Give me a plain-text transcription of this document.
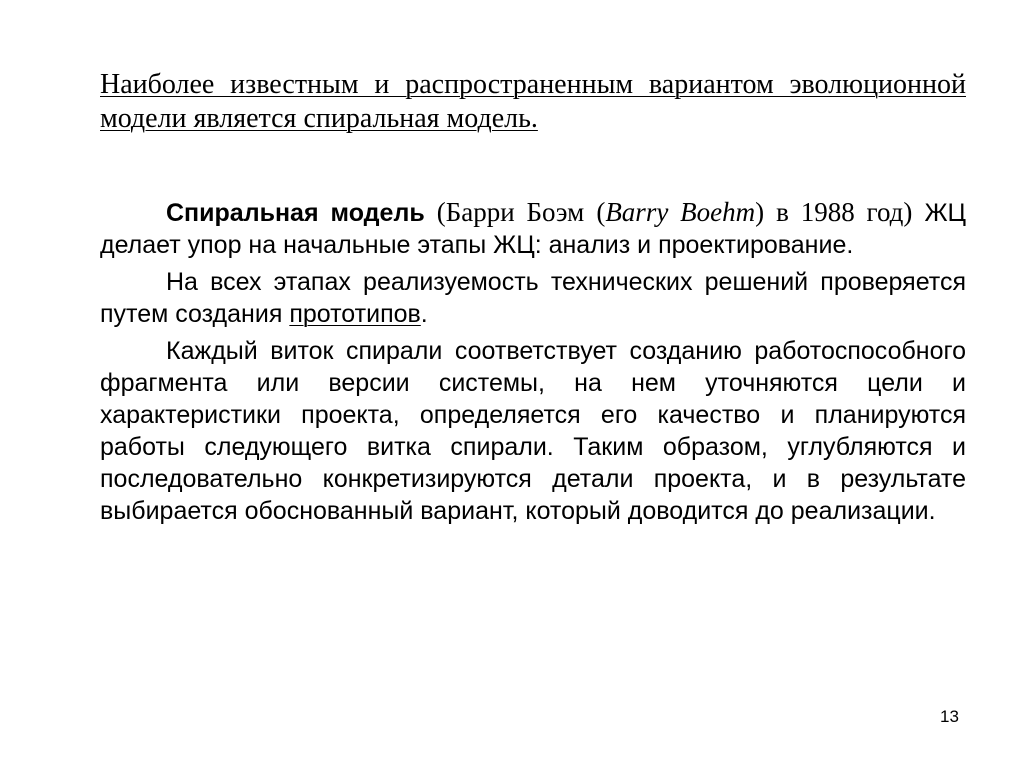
Наиболее известным и распространенным вариантом эволюционной модели является спиральная модель.

Спиральная модель (Барри Боэм (Barry Boehm) в 1988 год) ЖЦ делает упор на начальные этапы ЖЦ: анализ и проектирование.

На всех этапах реализуемость технических решений проверяется путем создания прототипов.

Каждый виток спирали соответствует созданию работоспособного фрагмента или версии системы, на нем уточняются цели и характеристики проекта, определяется его качество и планируются работы следующего витка спирали. Таким образом, углубляются и последовательно конкретизируются детали проекта, и в результате выбирается обоснованный вариант, который доводится до реализации.

13
